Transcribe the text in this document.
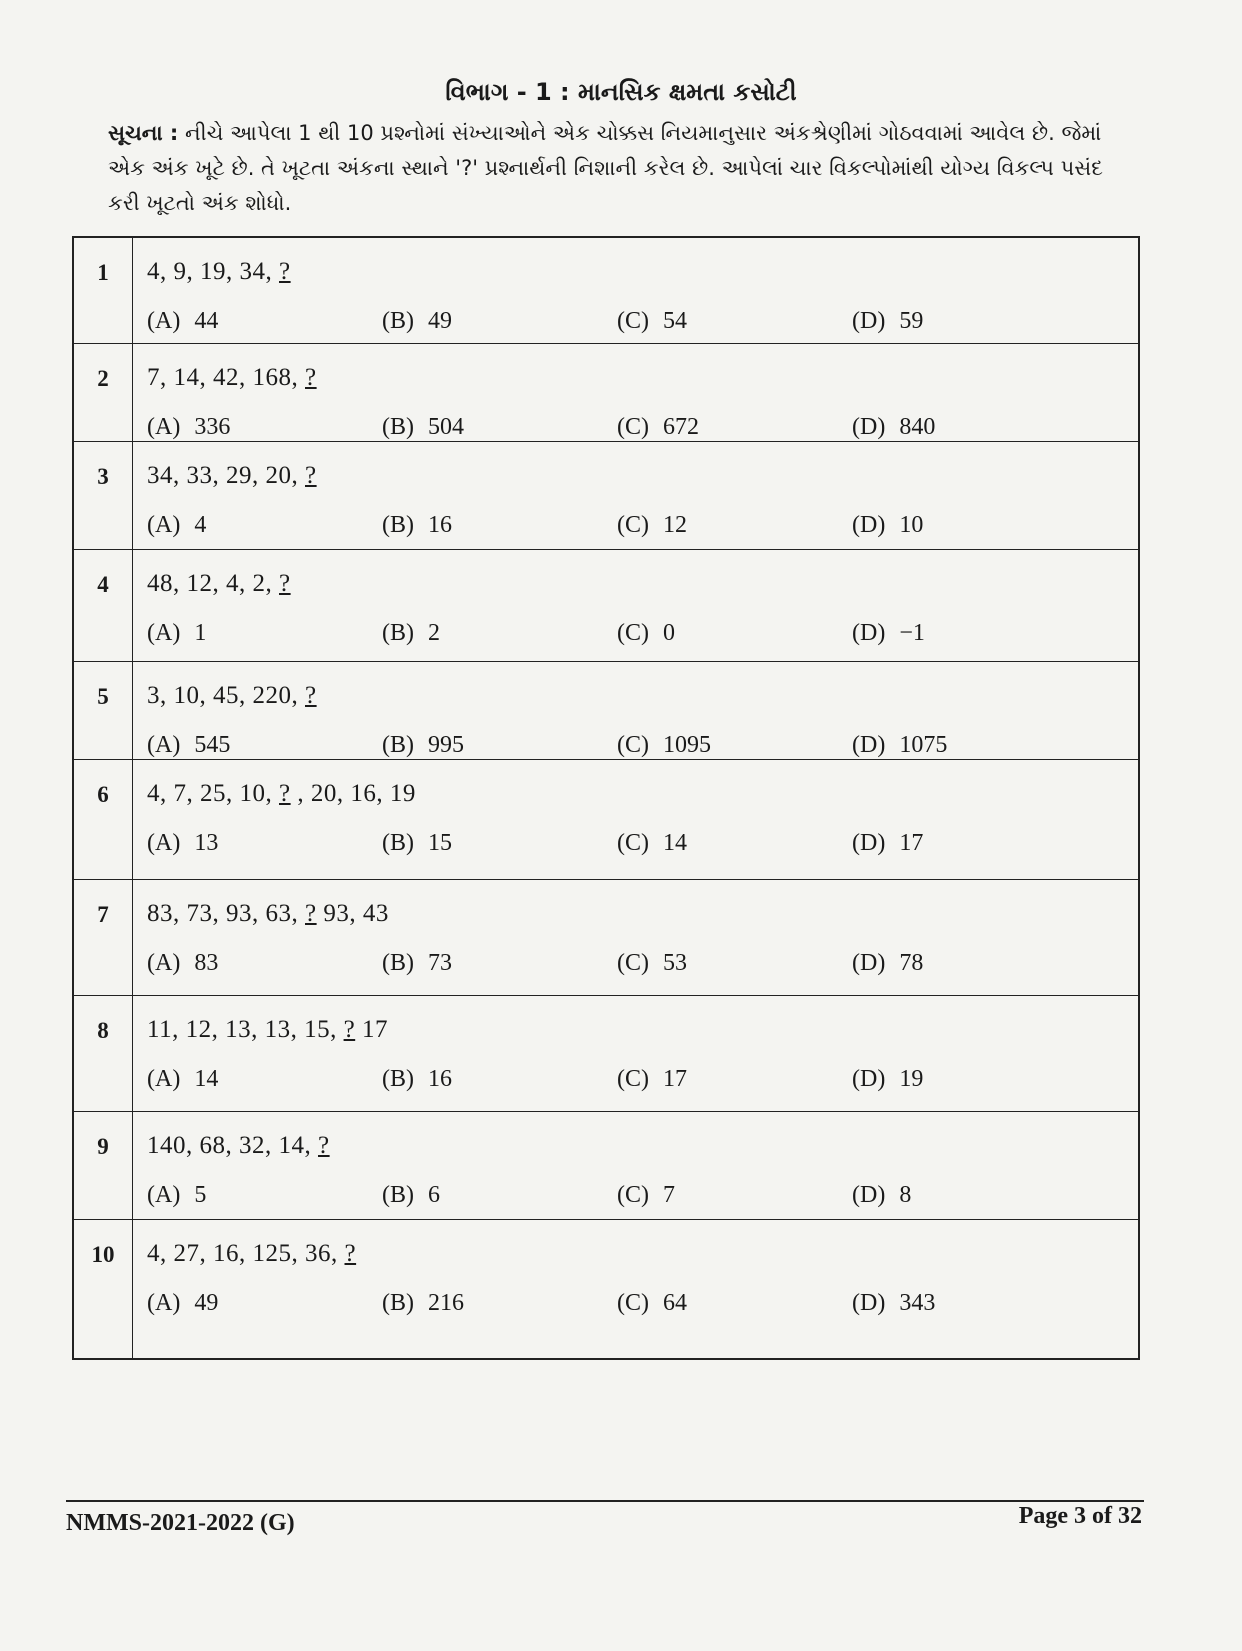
વિભાગ - 1 : માનસિક ક્ષમતા કસોટી
સૂચના : નીચે આપેલા 1 થી 10 પ્રશ્નોમાં સંખ્યાઓને એક ચોક્કસ નિયમાનુસાર અંકશ્રેણીમાં ગોઠવવામાં આવેલ છે. જેમાં એક અંક ખૂટે છે. તે ખૂટતા અંકના સ્થાને '?' પ્રશ્નાર્થની નિશાની કરેલ છે. આપેલાં ચાર વિકલ્પોમાંથી યોગ્ય વિકલ્પ પસંદ કરી ખૂટતો અંક શોધો.
1	4, 9, 19, 34, ?
(A) 44 (B) 49 (C) 54 (D) 59

2	7, 14, 42, 168, ?
(A) 336 (B) 504 (C) 672 (D) 840

3	34, 33, 29, 20, ?
(A) 4 (B) 16 (C) 12 (D) 10

4	48, 12, 4, 2, ?
(A) 1 (B) 2 (C) 0 (D) −1

5	3, 10, 45, 220, ?
(A) 545 (B) 995 (C) 1095 (D) 1075

6	4, 7, 25, 10, ? , 20, 16, 19
(A) 13 (B) 15 (C) 14 (D) 17

7	83, 73, 93, 63, ? 93, 43
(A) 83 (B) 73 (C) 53 (D) 78

8	11, 12, 13, 13, 15, ? 17
(A) 14 (B) 16 (C) 17 (D) 19

9	140, 68, 32, 14, ?
(A) 5 (B) 6 (C) 7 (D) 8

10	4, 27, 16, 125, 36, ?
(A) 49 (B) 216 (C) 64 (D) 343
NMMS-2021-2022 (G)	Page 3 of 32
